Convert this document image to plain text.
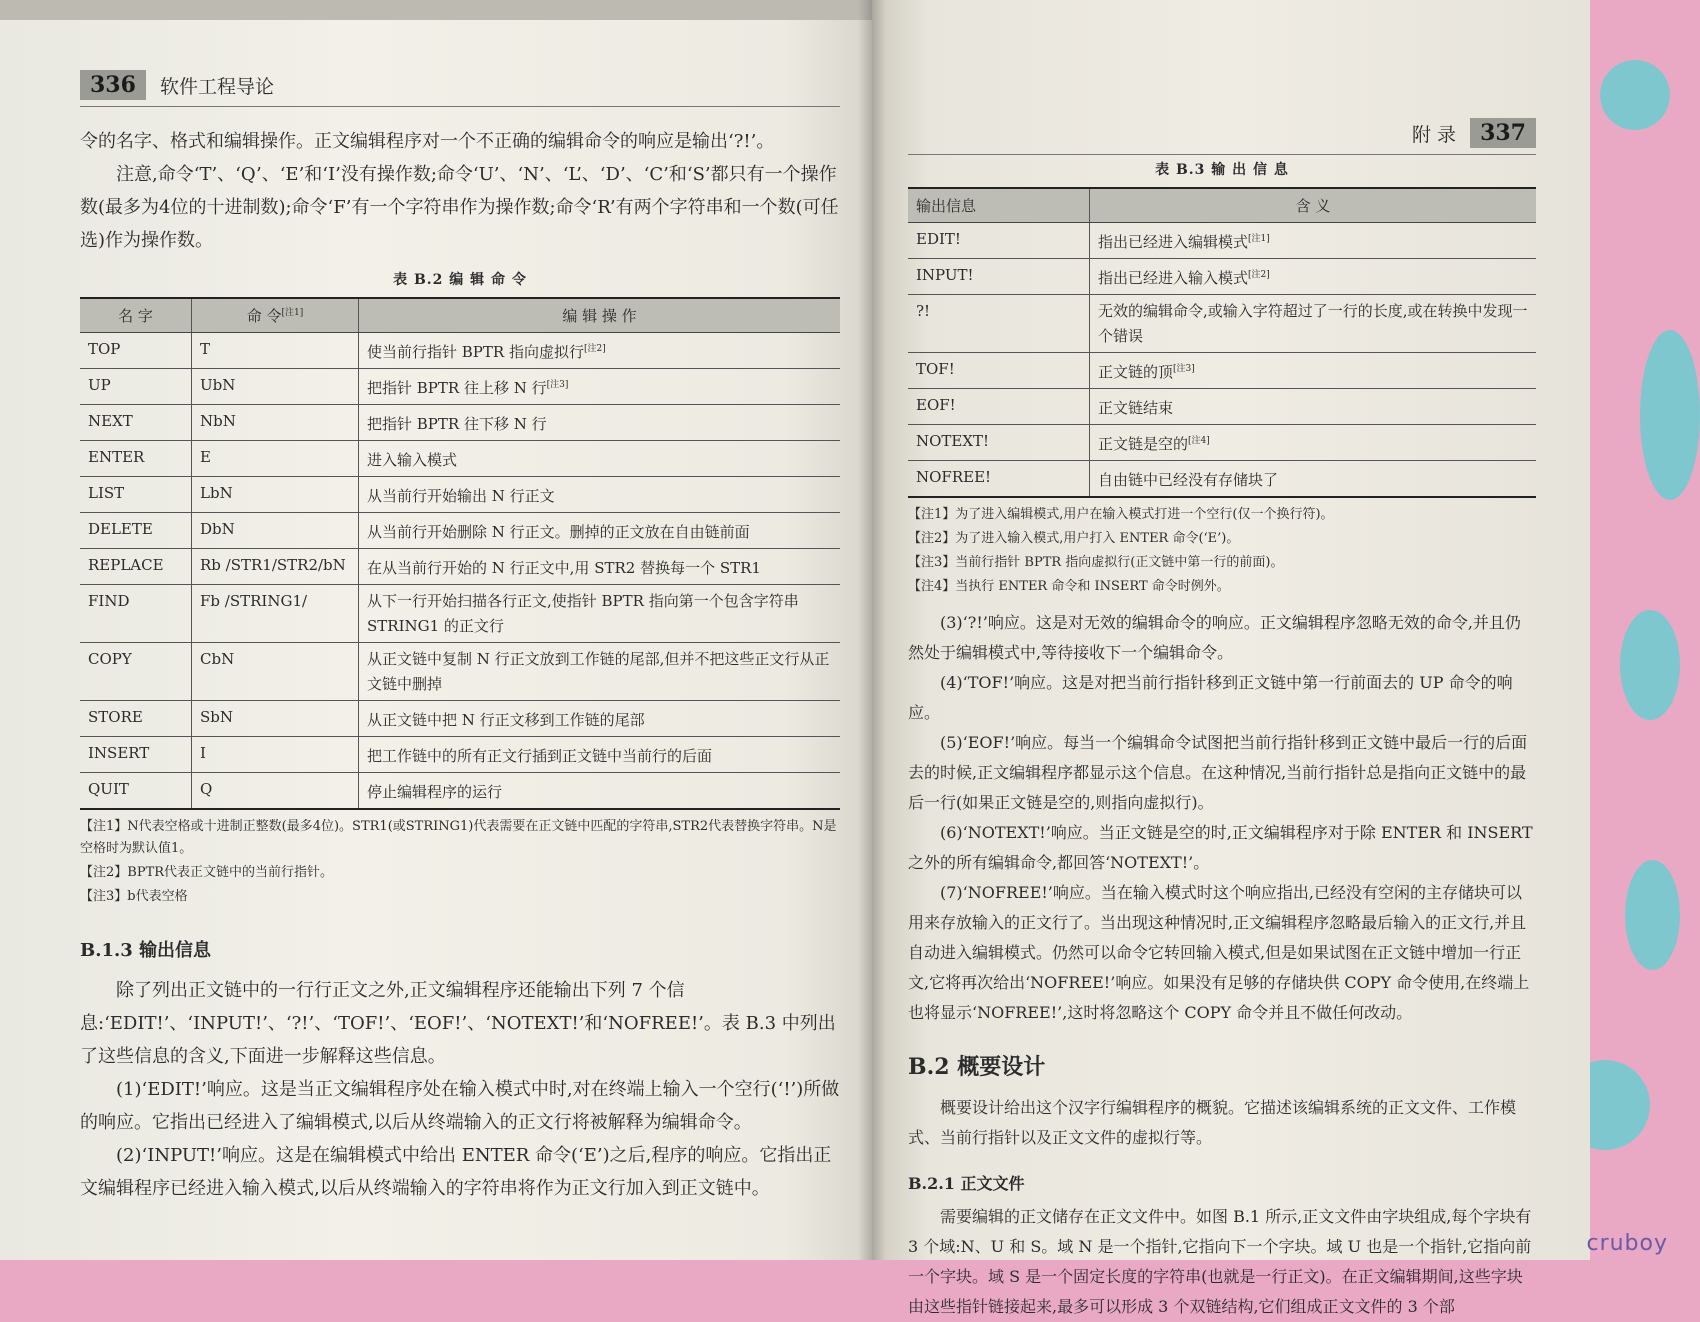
336	软件工程导论

令的名字、格式和编辑操作。正文编辑程序对一个不正确的编辑命令的响应是输出‘?!’。

注意,命令‘T’、‘Q’、‘E’和‘I’没有操作数;命令‘U’、‘N’、‘L’、‘D’、‘C’和‘S’都只有一个操作数(最多为4位的十进制数);命令‘F’有一个字符串作为操作数;命令‘R’有两个字符串和一个数(可任选)作为操作数。

表 B.2 编 辑 命 令
名 字	命 令[注1]	编 辑 操 作
TOP	T	使当前行指针 BPTR 指向虚拟行[注2]
UP	UbN	把指针 BPTR 往上移 N 行[注3]
NEXT	NbN	把指针 BPTR 往下移 N 行
ENTER	E	进入输入模式
LIST	LbN	从当前行开始输出 N 行正文
DELETE	DbN	从当前行开始删除 N 行正文。删掉的正文放在自由链前面
REPLACE	Rb /STR1/STR2/bN	在从当前行开始的 N 行正文中,用 STR2 替换每一个 STR1
FIND	Fb /STRING1/	从下一行开始扫描各行正文,使指针 BPTR 指向第一个包含字符串 STRING1 的正文行
COPY	CbN	从正文链中复制 N 行正文放到工作链的尾部,但并不把这些正文行从正文链中删掉
STORE	SbN	从正文链中把 N 行正文移到工作链的尾部
INSERT	I	把工作链中的所有正文行插到正文链中当前行的后面
QUIT	Q	停止编辑程序的运行
【注1】N代表空格或十进制正整数(最多4位)。STR1(或STRING1)代表需要在正文链中匹配的字符串,STR2代表替换字符串。N是空格时为默认值1。
【注2】BPTR代表正文链中的当前行指针。
【注3】b代表空格
B.1.3 输出信息

除了列出正文链中的一行行正文之外,正文编辑程序还能输出下列 7 个信息:‘EDIT!’、‘INPUT!’、‘?!’、‘TOF!’、‘EOF!’、‘NOTEXT!’和‘NOFREE!’。表 B.3 中列出了这些信息的含义,下面进一步解释这些信息。

(1)‘EDIT!’响应。这是当正文编辑程序处在输入模式中时,对在终端上输入一个空行(‘!’)所做的响应。它指出已经进入了编辑模式,以后从终端输入的正文行将被解释为编辑命令。

(2)‘INPUT!’响应。这是在编辑模式中给出 ENTER 命令(‘E’)之后,程序的响应。它指出正文编辑程序已经进入输入模式,以后从终端输入的字符串将作为正文行加入到正文链中。

附 录	337
表 B.3 输 出 信 息
输出信息	含 义
EDIT!	指出已经进入编辑模式[注1]
INPUT!	指出已经进入输入模式[注2]
?!	无效的编辑命令,或输入字符超过了一行的长度,或在转换中发现一个错误
TOF!	正文链的顶[注3]
EOF!	正文链结束
NOTEXT!	正文链是空的[注4]
NOFREE!	自由链中已经没有存储块了
【注1】为了进入编辑模式,用户在输入模式打进一个空行(仅一个换行符)。
【注2】为了进入输入模式,用户打入 ENTER 命令(‘E’)。
【注3】当前行指针 BPTR 指向虚拟行(正文链中第一行的前面)。
【注4】当执行 ENTER 命令和 INSERT 命令时例外。

(3)‘?!’响应。这是对无效的编辑命令的响应。正文编辑程序忽略无效的命令,并且仍然处于编辑模式中,等待接收下一个编辑命令。

(4)‘TOF!’响应。这是对把当前行指针移到正文链中第一行前面去的 UP 命令的响应。

(5)‘EOF!’响应。每当一个编辑命令试图把当前行指针移到正文链中最后一行的后面去的时候,正文编辑程序都显示这个信息。在这种情况,当前行指针总是指向正文链中的最后一行(如果正文链是空的,则指向虚拟行)。

(6)‘NOTEXT!’响应。当正文链是空的时,正文编辑程序对于除 ENTER 和 INSERT 之外的所有编辑命令,都回答‘NOTEXT!’。

(7)‘NOFREE!’响应。当在输入模式时这个响应指出,已经没有空闲的主存储块可以用来存放输入的正文行了。当出现这种情况时,正文编辑程序忽略最后输入的正文行,并且自动进入编辑模式。仍然可以命令它转回输入模式,但是如果试图在正文链中增加一行正文,它将再次给出‘NOFREE!’响应。如果没有足够的存储块供 COPY 命令使用,在终端上也将显示‘NOFREE!’,这时将忽略这个 COPY 命令并且不做任何改动。

B.2 概要设计

概要设计给出这个汉字行编辑程序的概貌。它描述该编辑系统的正文文件、工作模式、当前行指针以及正文文件的虚拟行等。

B.2.1 正文文件

需要编辑的正文储存在正文文件中。如图 B.1 所示,正文文件由字块组成,每个字块有 3 个域:N、U 和 S。域 N 是一个指针,它指向下一个字块。域 U 也是一个指针,它指向前一个字块。域 S 是一个固定长度的字符串(也就是一行正文)。在正文编辑期间,这些字块由这些指针链接起来,最多可以形成 3 个双链结构,它们组成正文文件的 3 个部

cruboy
